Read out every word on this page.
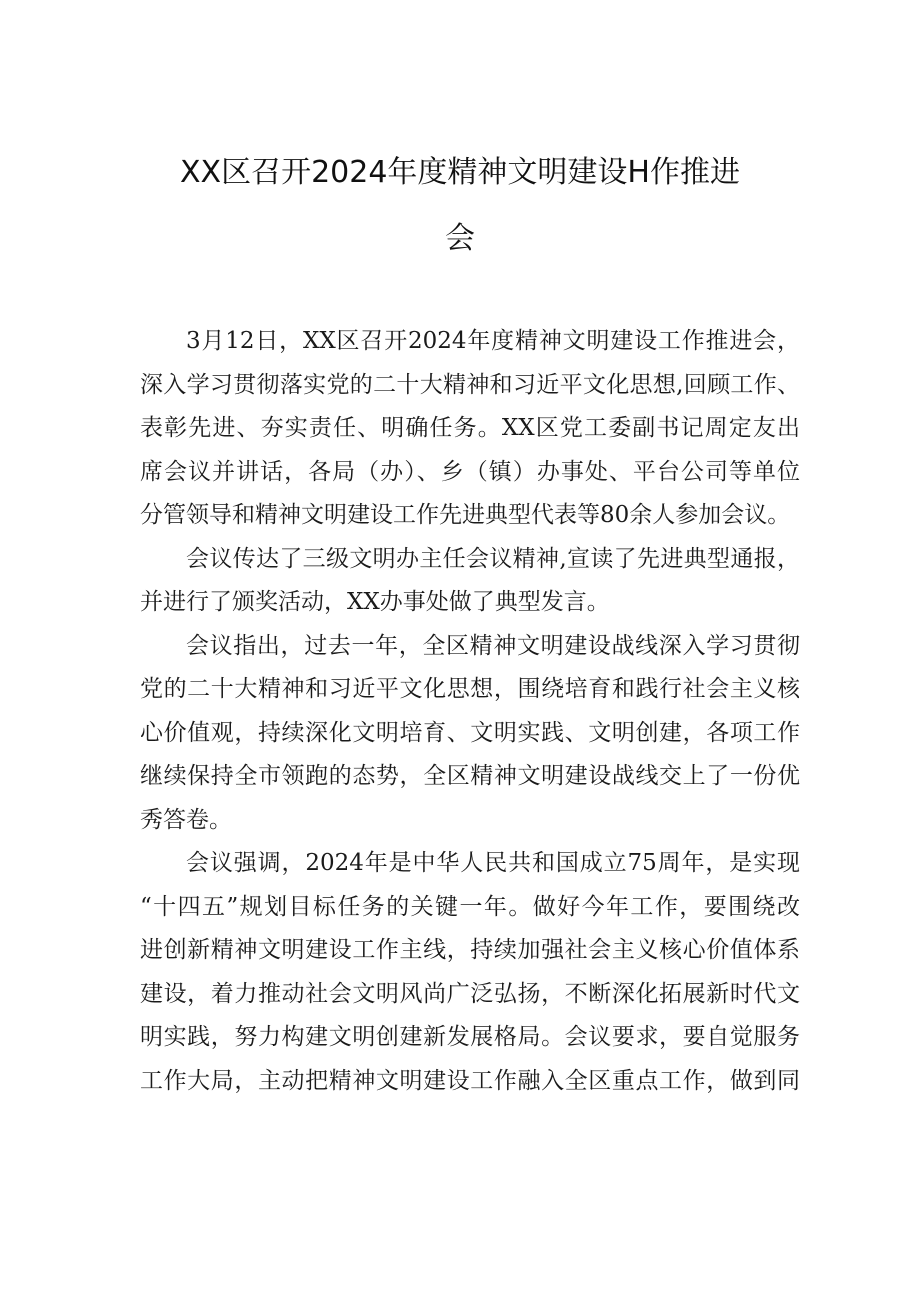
XX区召开2024年度精神文明建设H作推进
会

3月12日，XX区召开2024年度精神文明建设工作推进会，
深入学习贯彻落实党的二十大精神和习近平文化思想,回顾工作、
表彰先进、夯实责任、明确任务。XX区党工委副书记周定友出
席会议并讲话，各局（办）、乡（镇）办事处、平台公司等单位
分管领导和精神文明建设工作先进典型代表等80余人参加会议。

会议传达了三级文明办主任会议精神,宣读了先进典型通报，
并进行了颁奖活动，XX办事处做了典型发言。

会议指出，过去一年，全区精神文明建设战线深入学习贯彻
党的二十大精神和习近平文化思想，围绕培育和践行社会主义核
心价值观，持续深化文明培育、文明实践、文明创建，各项工作
继续保持全市领跑的态势，全区精神文明建设战线交上了一份优
秀答卷。

会议强调，2024年是中华人民共和国成立75周年，是实现
“十四五”规划目标任务的关键一年。做好今年工作，要围绕改
进创新精神文明建设工作主线，持续加强社会主义核心价值体系
建设，着力推动社会文明风尚广泛弘扬，不断深化拓展新时代文
明实践，努力构建文明创建新发展格局。会议要求，要自觉服务
工作大局，主动把精神文明建设工作融入全区重点工作，做到同
